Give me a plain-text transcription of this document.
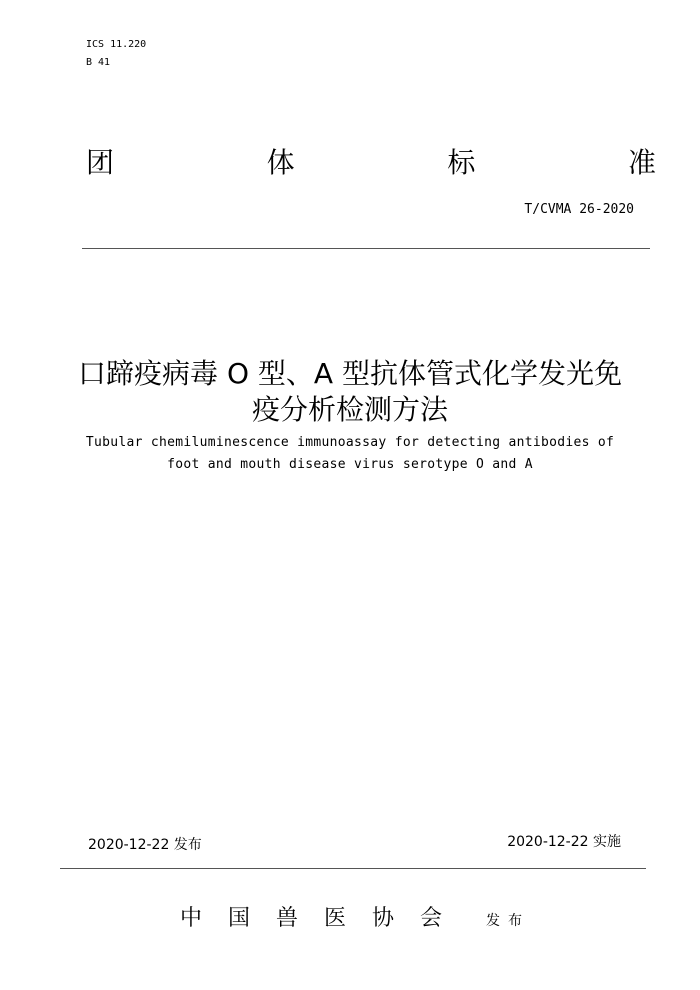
ICS 11.220
B 41
团	体	标	准
T/CVMA 26-2020
口蹄疫病毒 O 型、A 型抗体管式化学发光免
疫分析检测方法
Tubular chemiluminescence immunoassay for detecting antibodies of
foot and mouth disease virus serotype O and A
2020-12-22 发布	2020-12-22 实施
中	国	兽	医	协	会	发 布
